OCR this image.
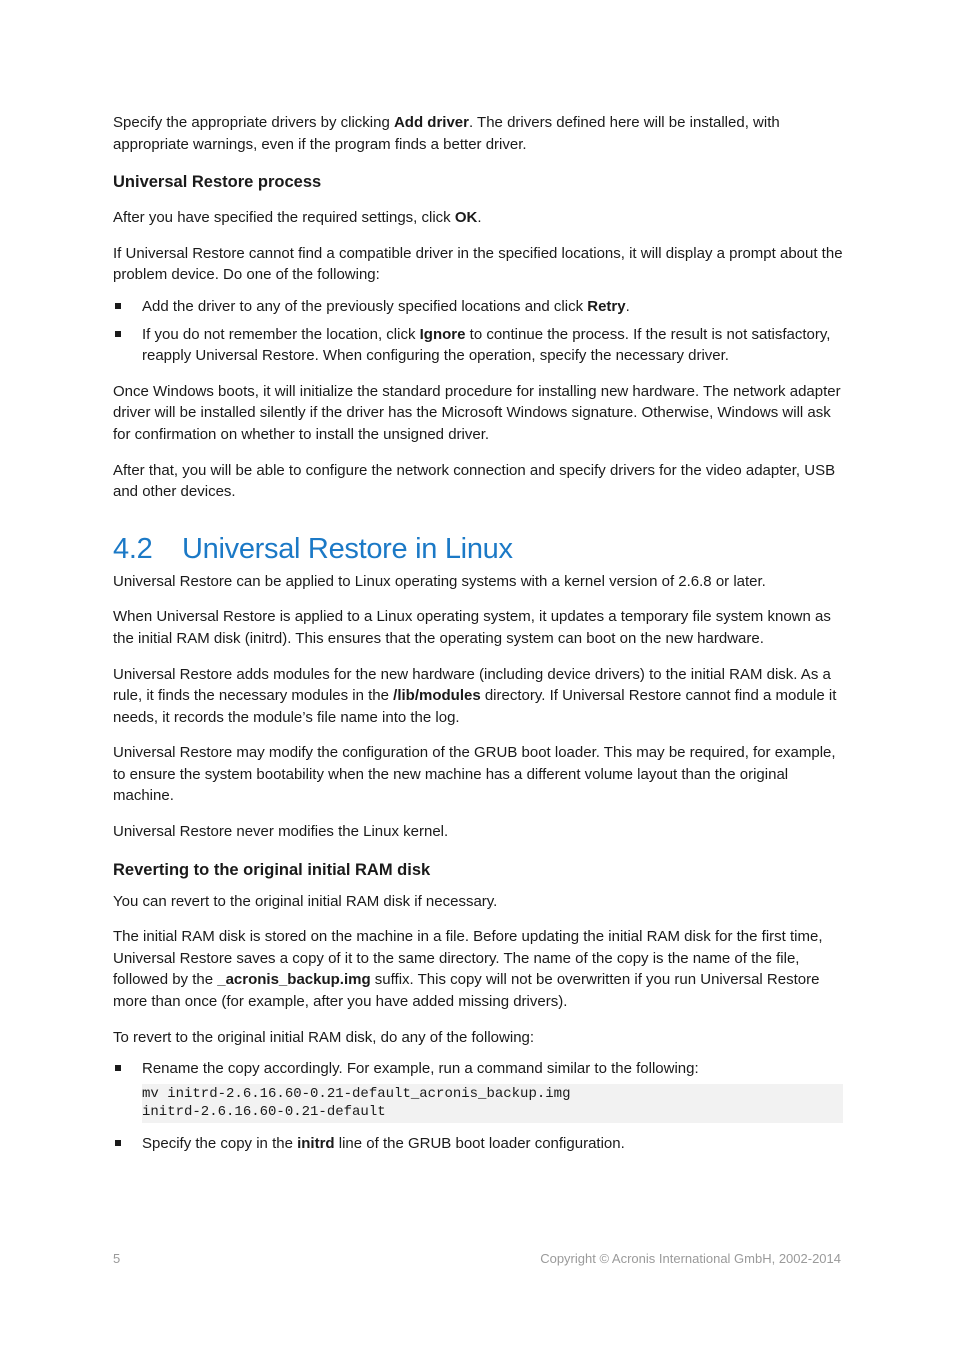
Specify the appropriate drivers by clicking Add driver. The drivers defined here will be installed, with appropriate warnings, even if the program finds a better driver.

Universal Restore process

After you have specified the required settings, click OK.

If Universal Restore cannot find a compatible driver in the specified locations, it will display a prompt about the problem device. Do one of the following:

Add the driver to any of the previously specified locations and click Retry.
If you do not remember the location, click Ignore to continue the process. If the result is not satisfactory, reapply Universal Restore. When configuring the operation, specify the necessary driver.

Once Windows boots, it will initialize the standard procedure for installing new hardware. The network adapter driver will be installed silently if the driver has the Microsoft Windows signature. Otherwise, Windows will ask for confirmation on whether to install the unsigned driver.

After that, you will be able to configure the network connection and specify drivers for the video adapter, USB and other devices.

4.2 Universal Restore in Linux

Universal Restore can be applied to Linux operating systems with a kernel version of 2.6.8 or later.

When Universal Restore is applied to a Linux operating system, it updates a temporary file system known as the initial RAM disk (initrd). This ensures that the operating system can boot on the new hardware.

Universal Restore adds modules for the new hardware (including device drivers) to the initial RAM disk. As a rule, it finds the necessary modules in the /lib/modules directory. If Universal Restore cannot find a module it needs, it records the module’s file name into the log.

Universal Restore may modify the configuration of the GRUB boot loader. This may be required, for example, to ensure the system bootability when the new machine has a different volume layout than the original machine.

Universal Restore never modifies the Linux kernel.

Reverting to the original initial RAM disk

You can revert to the original initial RAM disk if necessary.

The initial RAM disk is stored on the machine in a file. Before updating the initial RAM disk for the first time, Universal Restore saves a copy of it to the same directory. The name of the copy is the name of the file, followed by the _acronis_backup.img suffix. This copy will not be overwritten if you run Universal Restore more than once (for example, after you have added missing drivers).

To revert to the original initial RAM disk, do any of the following:

Rename the copy accordingly. For example, run a command similar to the following:
mv initrd-2.6.16.60-0.21-default_acronis_backup.img
initrd-2.6.16.60-0.21-default
Specify the copy in the initrd line of the GRUB boot loader configuration.
5	Copyright © Acronis International GmbH, 2002-2014
